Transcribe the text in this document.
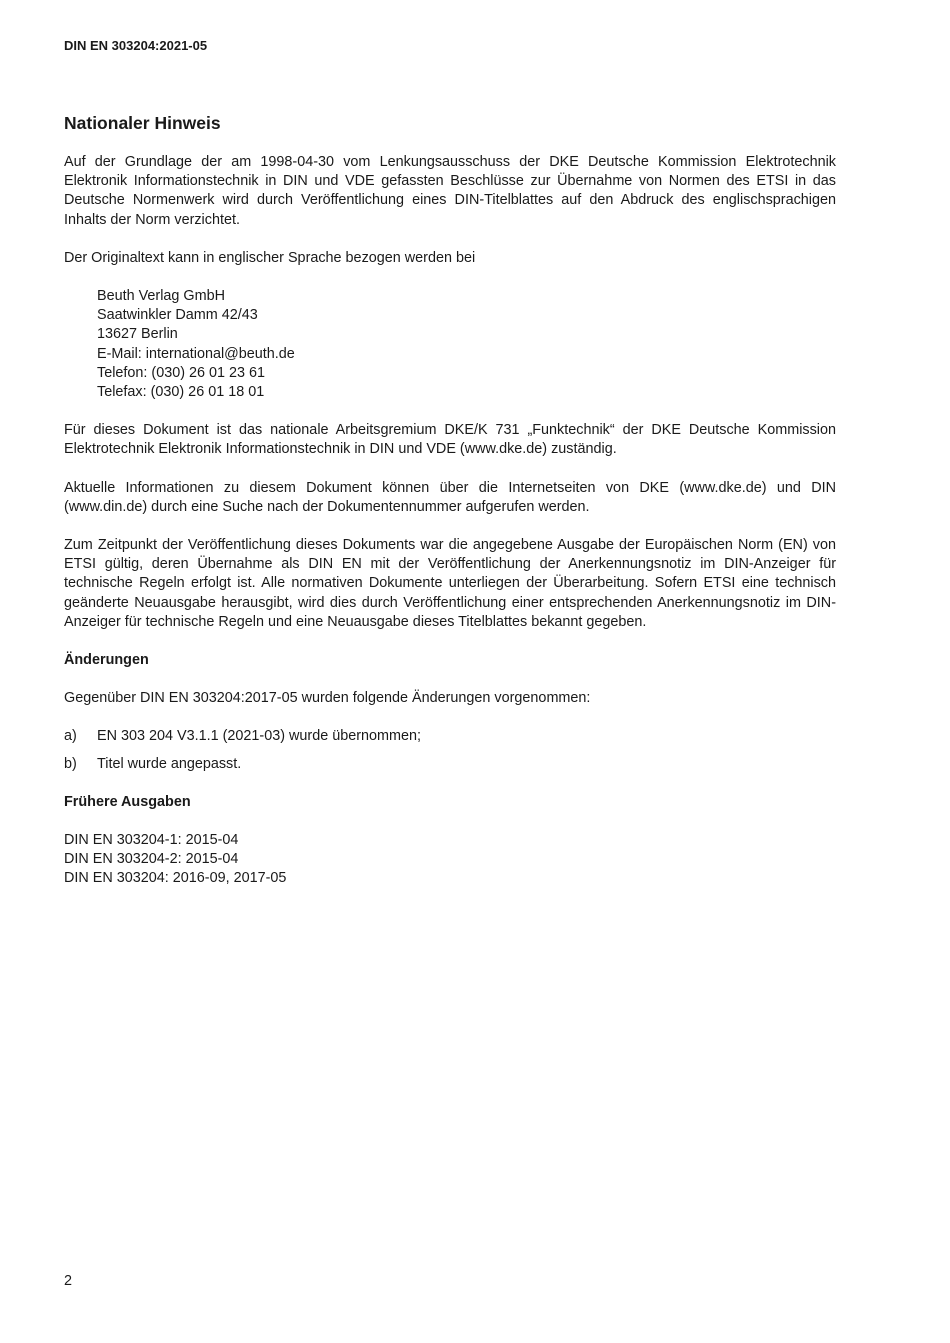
DIN EN 303204:2021-05
Nationaler Hinweis

Auf der Grundlage der am 1998-04-30 vom Lenkungsausschuss der DKE Deutsche Kommission Elektrotechnik Elektronik Informationstechnik in DIN und VDE gefassten Beschlüsse zur Übernahme von Normen des ETSI in das Deutsche Normenwerk wird durch Veröffentlichung eines DIN-Titelblattes auf den Abdruck des englischsprachigen Inhalts der Norm verzichtet.

Der Originaltext kann in englischer Sprache bezogen werden bei

Beuth Verlag GmbH
Saatwinkler Damm 42/43
13627 Berlin
E-Mail: international@beuth.de
Telefon: (030) 26 01 23 61
Telefax: (030) 26 01 18 01

Für dieses Dokument ist das nationale Arbeitsgremium DKE/K 731 „Funktechnik“ der DKE Deutsche Kommission Elektrotechnik Elektronik Informationstechnik in DIN und VDE (www.dke.de) zuständig.

Aktuelle Informationen zu diesem Dokument können über die Internetseiten von DKE (www.dke.de) und DIN (www.din.de) durch eine Suche nach der Dokumentennummer aufgerufen werden.

Zum Zeitpunkt der Veröffentlichung dieses Dokuments war die angegebene Ausgabe der Europäischen Norm (EN) von ETSI gültig, deren Übernahme als DIN EN mit der Veröffentlichung der Anerkennungsnotiz im DIN-Anzeiger für technische Regeln erfolgt ist. Alle normativen Dokumente unterliegen der Überarbeitung. Sofern ETSI eine technisch geänderte Neuausgabe herausgibt, wird dies durch Veröffentlichung einer entsprechenden Anerkennungsnotiz im DIN-Anzeiger für technische Regeln und eine Neuausgabe dieses Titelblattes bekannt gegeben.

Änderungen

Gegenüber DIN EN 303204:2017-05 wurden folgende Änderungen vorgenommen:

a)	EN 303 204 V3.1.1 (2021-03) wurde übernommen;
b)	Titel wurde angepasst.
Frühere Ausgaben
DIN EN 303204-1: 2015-04
DIN EN 303204-2: 2015-04
DIN EN 303204: 2016-09, 2017-05
2
